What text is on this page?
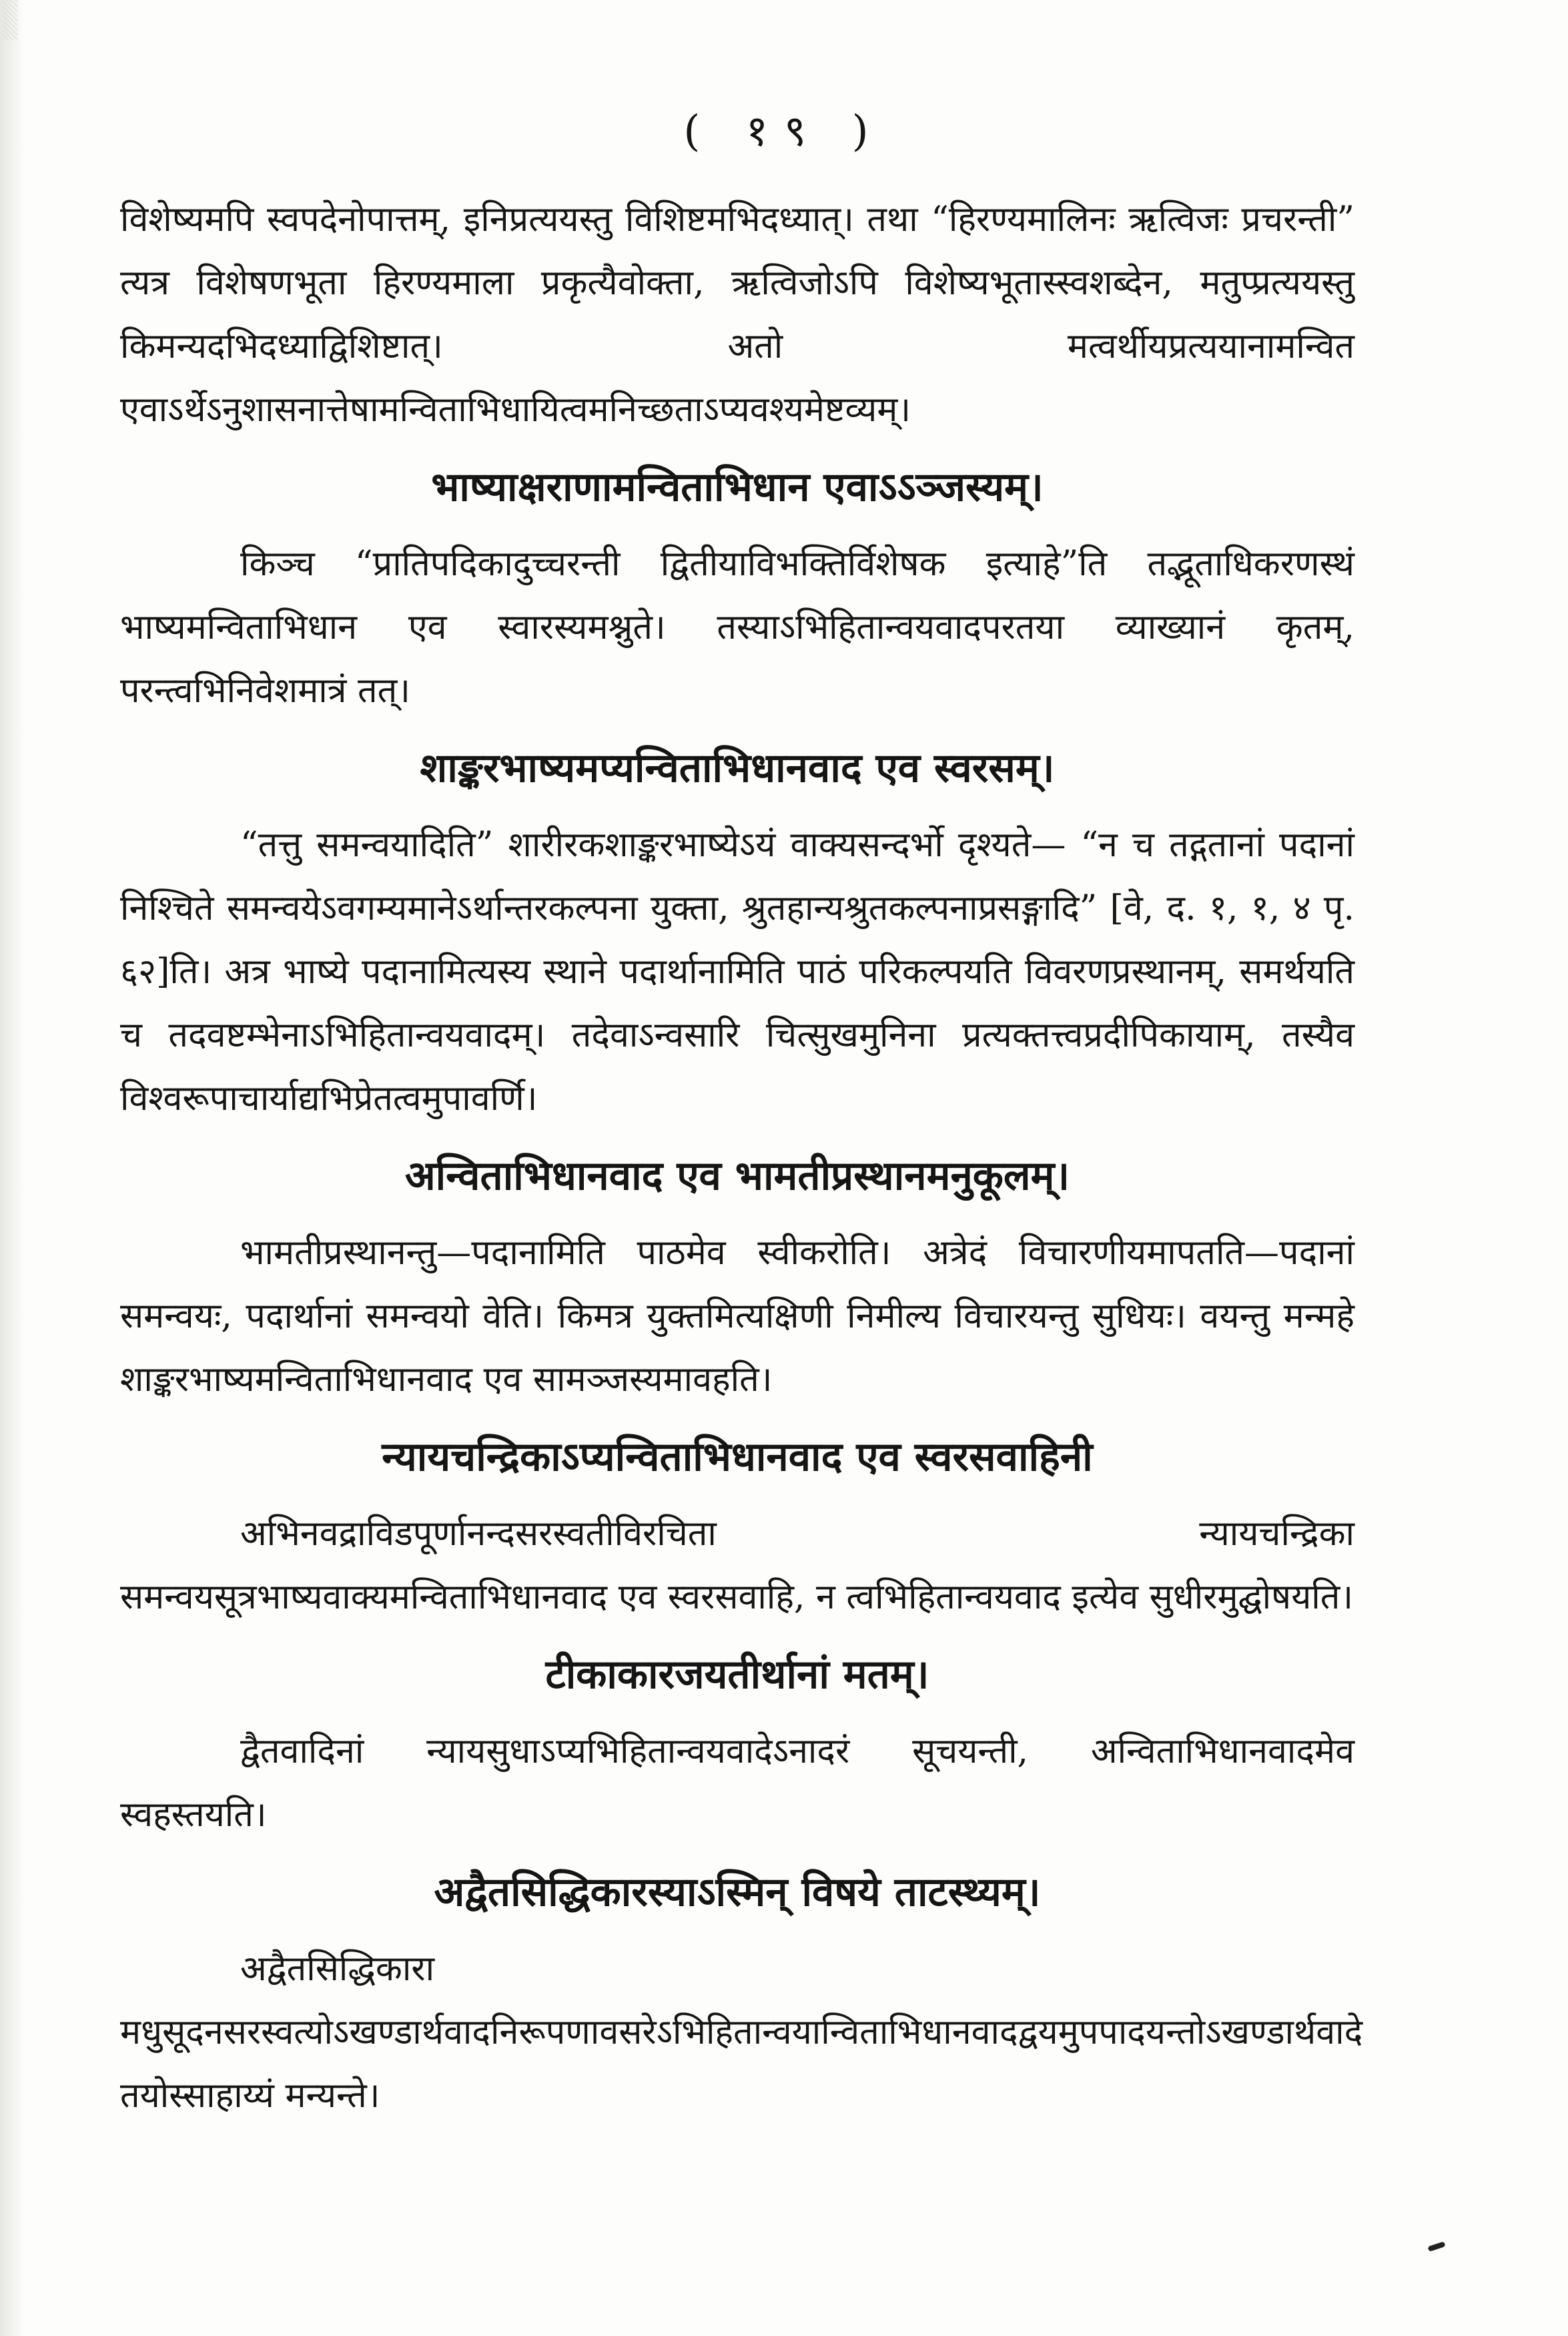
( १९ )

विशेष्यमपि स्वपदेनोपात्तम्, इनिप्रत्ययस्तु विशिष्टमभिदध्यात्। तथा “हिरण्यमालिनः ऋत्विजः प्रचरन्ती” त्यत्र विशेषणभूता हिरण्यमाला प्रकृत्यैवोक्ता, ऋत्विजोऽपि विशेष्यभूतास्स्वशब्देन, मतुप्प्रत्ययस्तु किमन्यदभिदध्याद्विशिष्टात्। अतो मत्वर्थीयप्रत्ययानामन्वित एवाऽर्थेऽनुशासनात्तेषामन्विताभिधायित्वमनिच्छताऽप्यवश्यमेष्टव्यम्।

भाष्याक्षराणामन्विताभिधान एवाऽऽञ्जस्यम्।

किञ्च “प्रातिपदिकादुच्चरन्ती द्वितीयाविभक्तिर्विशेषक इत्याहे”ति तद्भूताधिकरणस्थं भाष्यमन्विताभिधान एव स्वारस्यमश्नुते। तस्याऽभिहितान्वयवादपरतया व्याख्यानं कृतम्, परन्त्वभिनिवेशमात्रं तत्।

शाङ्करभाष्यमप्यन्विताभिधानवाद एव स्वरसम्।

“तत्तु समन्वयादिति” शारीरकशाङ्करभाष्येऽयं वाक्यसन्दर्भो दृश्यते— “न च तद्गतानां पदानां निश्चिते समन्वयेऽवगम्यमानेऽर्थान्तरकल्पना युक्ता, श्रुतहान्यश्रुतकल्पनाप्रसङ्गादि” [वे, द. १, १, ४ पृ. ६२]ति। अत्र भाष्ये पदानामित्यस्य स्थाने पदार्थानामिति पाठं परिकल्पयति विवरणप्रस्थानम्, समर्थयति च तदवष्टम्भेनाऽभिहितान्वयवादम्। तदेवाऽन्वसारि चित्सुखमुनिना प्रत्यक्तत्त्वप्रदीपिकायाम्, तस्यैव विश्वरूपाचार्याद्यभिप्रेतत्वमुपावर्णि।

अन्विताभिधानवाद एव भामतीप्रस्थानमनुकूलम्।

भामतीप्रस्थानन्तु—पदानामिति पाठमेव स्वीकरोति। अत्रेदं विचारणीयमापतति—पदानां समन्वयः, पदार्थानां समन्वयो वेति। किमत्र युक्तमित्यक्षिणी निमील्य विचारयन्तु सुधियः। वयन्तु मन्महे शाङ्करभाष्यमन्विताभिधानवाद एव सामञ्जस्यमावहति।

न्यायचन्द्रिकाऽप्यन्विताभिधानवाद एव स्वरसवाहिनी

अभिनवद्राविडपूर्णानन्दसरस्वतीविरचिता न्यायचन्द्रिका समन्वयसूत्रभाष्यवाक्यमन्विताभिधानवाद एव स्वरसवाहि, न त्वभिहितान्वयवाद इत्येव सुधीरमुद्घोषयति।

टीकाकारजयतीर्थानां मतम्।

द्वैतवादिनां न्यायसुधाऽप्यभिहितान्वयवादेऽनादरं सूचयन्ती, अन्विताभिधानवादमेव स्वहस्तयति।

अद्वैतसिद्धिकारस्याऽस्मिन् विषये ताटस्थ्यम्।

अद्वैतसिद्धिकारा मधुसूदनसरस्वत्योऽखण्डार्थवादनिरूपणावसरेऽभिहितान्वयान्विताभिधानवादद्वयमुपपादयन्तोऽखण्डार्थवादे तयोस्साहाय्यं मन्यन्ते।
